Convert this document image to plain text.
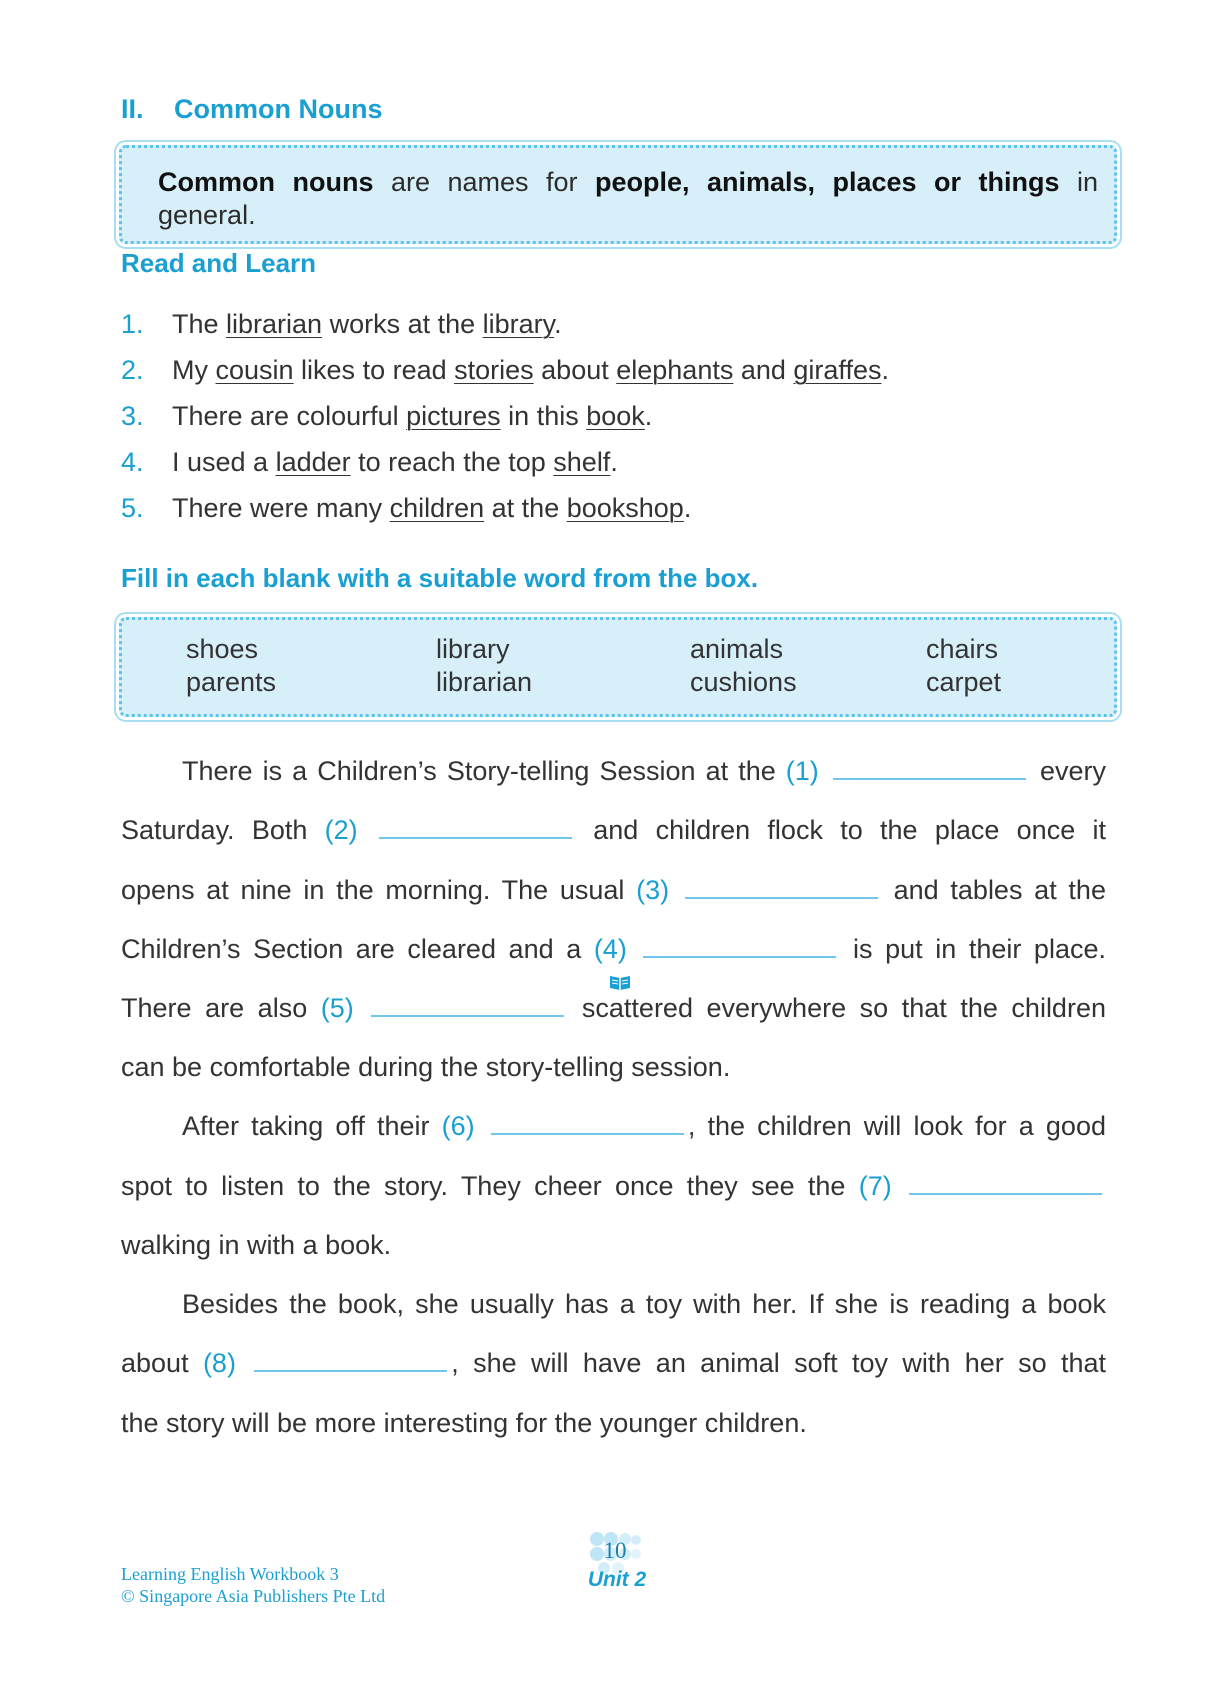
II. Common Nouns
Common nouns are names for people, animals, places or things in general.
Read and Learn
1. The librarian works at the library.
2. My cousin likes to read stories about elephants and giraffes.
3. There are colourful pictures in this book.
4. I used a ladder to reach the top shelf.
5. There were many children at the bookshop.
Fill in each blank with a suitable word from the box.
shoes	library	animals	chairs
parents	librarian	cushions	carpet
There is a Children’s Story-telling Session at the (1)	every
Saturday. Both (2)	and children flock to the place once it
opens at nine in the morning. The usual (3)	and tables at the
Children’s Section are cleared and a (4)	is put in their place.
There are also (5)	scattered everywhere so that the children
can be comfortable during the story-telling session.
After taking off their (6)	, the children will look for a good
spot to listen to the story. They cheer once they see the (7)
walking in with a book.
Besides the book, she usually has a toy with her. If she is reading a book
about (8)	, she will have an animal soft toy with her so that
the story will be more interesting for the younger children.
Learning English Workbook 3
© Singapore Asia Publishers Pte Ltd
10
Unit 2
